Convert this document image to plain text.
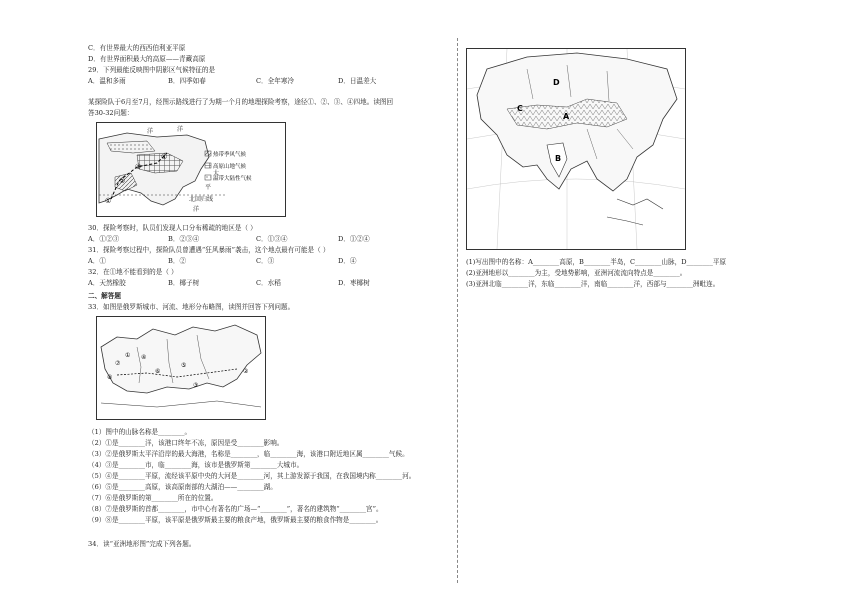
C．有世界最大的西西伯利亚平原
D．有世界面积最大的高原——青藏高原
29．下列最能反映图中阴影区气候特征的是
A．温和多雨	B．四季如春	C．全年寒冷	D．日温差大
某探险队于6月至7月，经图示路线进行了为期一个月的地理探险考察，途径①、②、③、④四地。读图回
答30-32问题：
洋	洋
太
平
洋
北回归线
①
②
③
④	热带季风气候
高原山地气候
温带大陆性气候
30．探险考察时，队员们发现人口分布稀疏的地区是（ ）
A．①②③	B．②③④	C．①③④	D．①②④
31．探险考察过程中，探险队员曾遭遇“狂风暴雨”袭击，这个地点最有可能是（ ）
A．①	B．②	C．③	D．④
32．在①地不能看到的是（ ）
A．天然橡胶	B．椰子树	C．水稻	D．枣椰树
二、解答题
33．如图是俄罗斯城市、河流、地形分布略图，读图并回答下列问题。
⑦
①
⑧
④
⑥
⑤
③
②
（1）图中的山脉名称是________。
（2）①是________洋，该港口终年不冻，原因是受________影响。
（3）②是俄罗斯太平洋沿岸的最大海港，名称是________，临________海，该港口附近地区属________气候。
（4）③是________市，临________海，该市是俄罗斯第________大城市。
（5）④是________平原，流经该平原中央的大河是________河，其上游发源于我国，在我国境内称________河。
（6）⑤是________高原，该高原南部的大湖泊——________湖。
（7）⑥是俄罗斯的第________所在的位置。
（8）⑦是俄罗斯的首都________，市中心有著名的广场—“________”，著名的建筑物“________宫”。
（9）⑧是________平原，该平原是俄罗斯最主要的粮食产地，俄罗斯最主要的粮食作物是________。
34．读“亚洲地形图”完成下列各题。
A
B
C
D
(1)写出图中的名称：A________高原，B________半岛，C________山脉，D________平原
(2)亚洲地形以________为主，受地势影响，亚洲河流流向特点是________。
(3)亚洲北临________洋，东临________洋，南临________洋，西部与________洲毗连。
